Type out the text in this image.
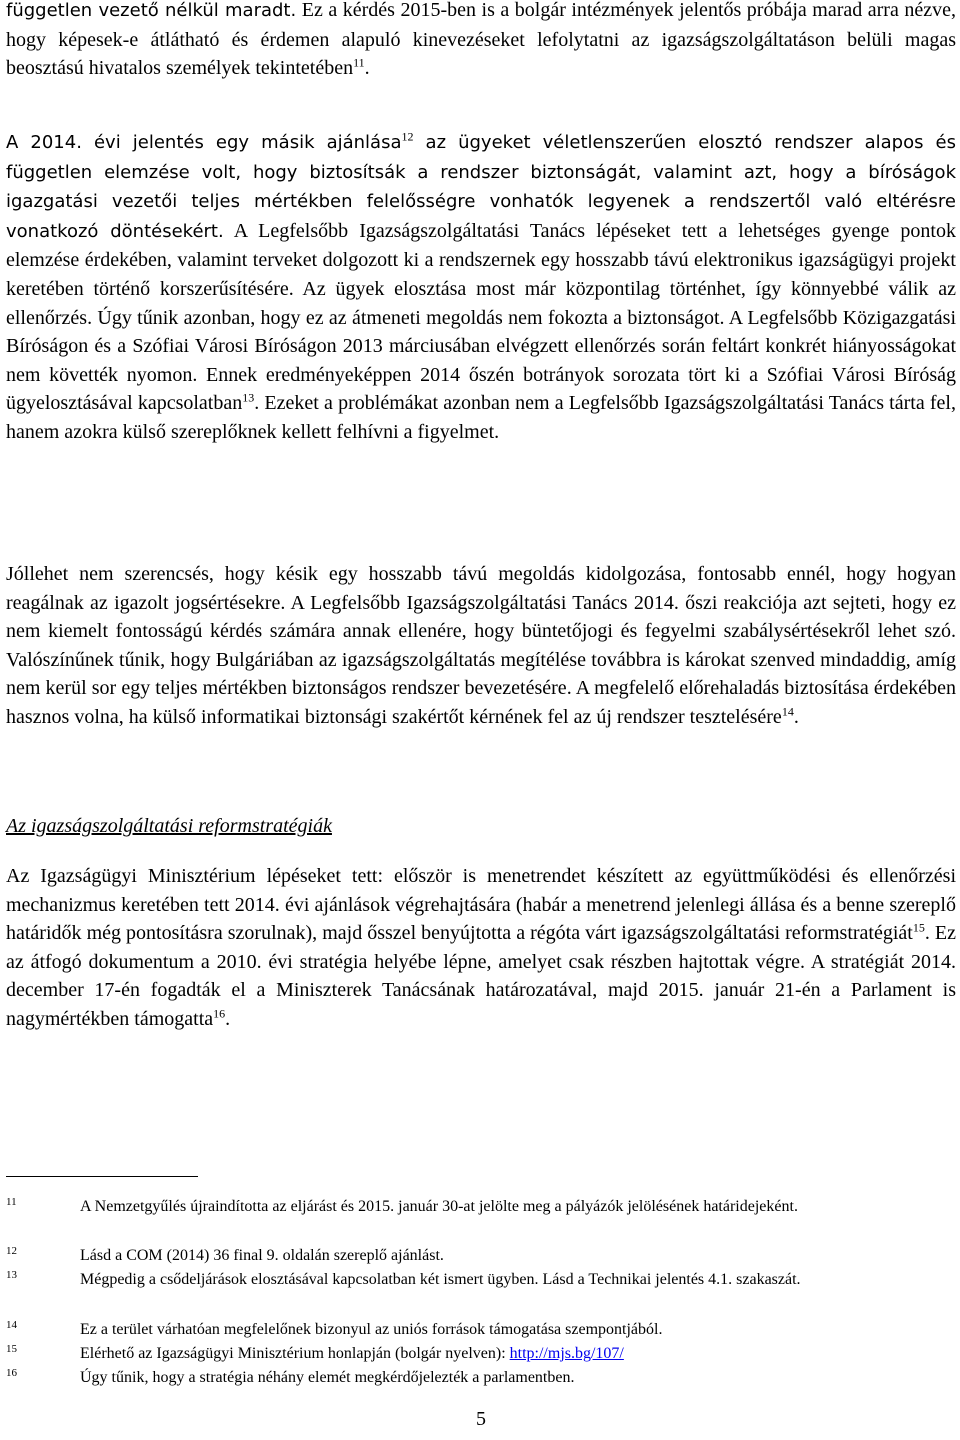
független vezető nélkül maradt. Ez a kérdés 2015-ben is a bolgár intézmények jelentős próbája marad arra nézve, hogy képesek-e átlátható és érdemen alapuló kinevezéseket lefolytatni az igazságszolgáltatáson belüli magas beosztású hivatalos személyek tekintetében$^{11}$.

A 2014. évi jelentés egy másik ajánlása$^{12}$ az ügyeket véletlenszerűen elosztó rendszer alapos és független elemzése volt, hogy biztosítsák a rendszer biztonságát, valamint azt, hogy a bíróságok igazgatási vezetői teljes mértékben felelősségre vonhatók legyenek a rendszertől való eltérésre vonatkozó döntésekért. A Legfelsőbb Igazságszolgáltatási Tanács lépéseket tett a lehetséges gyenge pontok elemzése érdekében, valamint terveket dolgozott ki a rendszernek egy hosszabb távú elektronikus igazságügyi projekt keretében történő korszerűsítésére. Az ügyek elosztása most már központilag történhet, így könnyebbé válik az ellenőrzés. Úgy tűnik azonban, hogy ez az átmeneti megoldás nem fokozta a biztonságot. A Legfelsőbb Közigazgatási Bíróságon és a Szófiai Városi Bíróságon 2013 márciusában elvégzett ellenőrzés során feltárt konkrét hiányosságokat nem követték nyomon. Ennek eredményeképpen 2014 őszén botrányok sorozata tört ki a Szófiai Városi Bíróság ügyelosztásával kapcsolatban$^{13}$. Ezeket a problémákat azonban nem a Legfelsőbb Igazságszolgáltatási Tanács tárta fel, hanem azokra külső szereplőknek kellett felhívni a figyelmet.

Jóllehet nem szerencsés, hogy késik egy hosszabb távú megoldás kidolgozása, fontosabb ennél, hogy hogyan reagálnak az igazolt jogsértésekre. A Legfelsőbb Igazságszolgáltatási Tanács 2014. őszi reakciója azt sejteti, hogy ez nem kiemelt fontosságú kérdés számára annak ellenére, hogy büntetőjogi és fegyelmi szabálysértésekről lehet szó. Valószínűnek tűnik, hogy Bulgáriában az igazságszolgáltatás megítélése továbbra is károkat szenved mindaddig, amíg nem kerül sor egy teljes mértékben biztonságos rendszer bevezetésére. A megfelelő előrehaladás biztosítása érdekében hasznos volna, ha külső informatikai biztonsági szakértőt kérnének fel az új rendszer tesztelésére$^{14}$.

Az igazságszolgáltatási reformstratégiák

Az Igazságügyi Minisztérium lépéseket tett: először is menetrendet készített az együttműködési és ellenőrzési mechanizmus keretében tett 2014. évi ajánlások végrehajtására (habár a menetrend jelenlegi állása és a benne szereplő határidők még pontosításra szorulnak), majd ősszel benyújtotta a régóta várt igazságszolgáltatási reformstratégiát$^{15}$. Ez az átfogó dokumentum a 2010. évi stratégia helyébe lépne, amelyet csak részben hajtottak végre. A stratégiát 2014. december 17-én fogadták el a Miniszterek Tanácsának határozatával, majd 2015. január 21-én a Parlament is nagymértékben támogatta$^{16}$.

11	A Nemzetgyűlés újraindította az eljárást és 2015. január 30-at jelölte meg a pályázók jelölésének határidejeként.
12	Lásd a COM (2014) 36 final 9. oldalán szereplő ajánlást.
13	Mégpedig a csődeljárások elosztásával kapcsolatban két ismert ügyben. Lásd a Technikai jelentés 4.1. szakaszát.
14	Ez a terület várhatóan megfelelőnek bizonyul az uniós források támogatása szempontjából.
15	Elérhető az Igazságügyi Minisztérium honlapján (bolgár nyelven): http://mjs.bg/107/
16	Úgy tűnik, hogy a stratégia néhány elemét megkérdőjelezték a parlamentben.
5
